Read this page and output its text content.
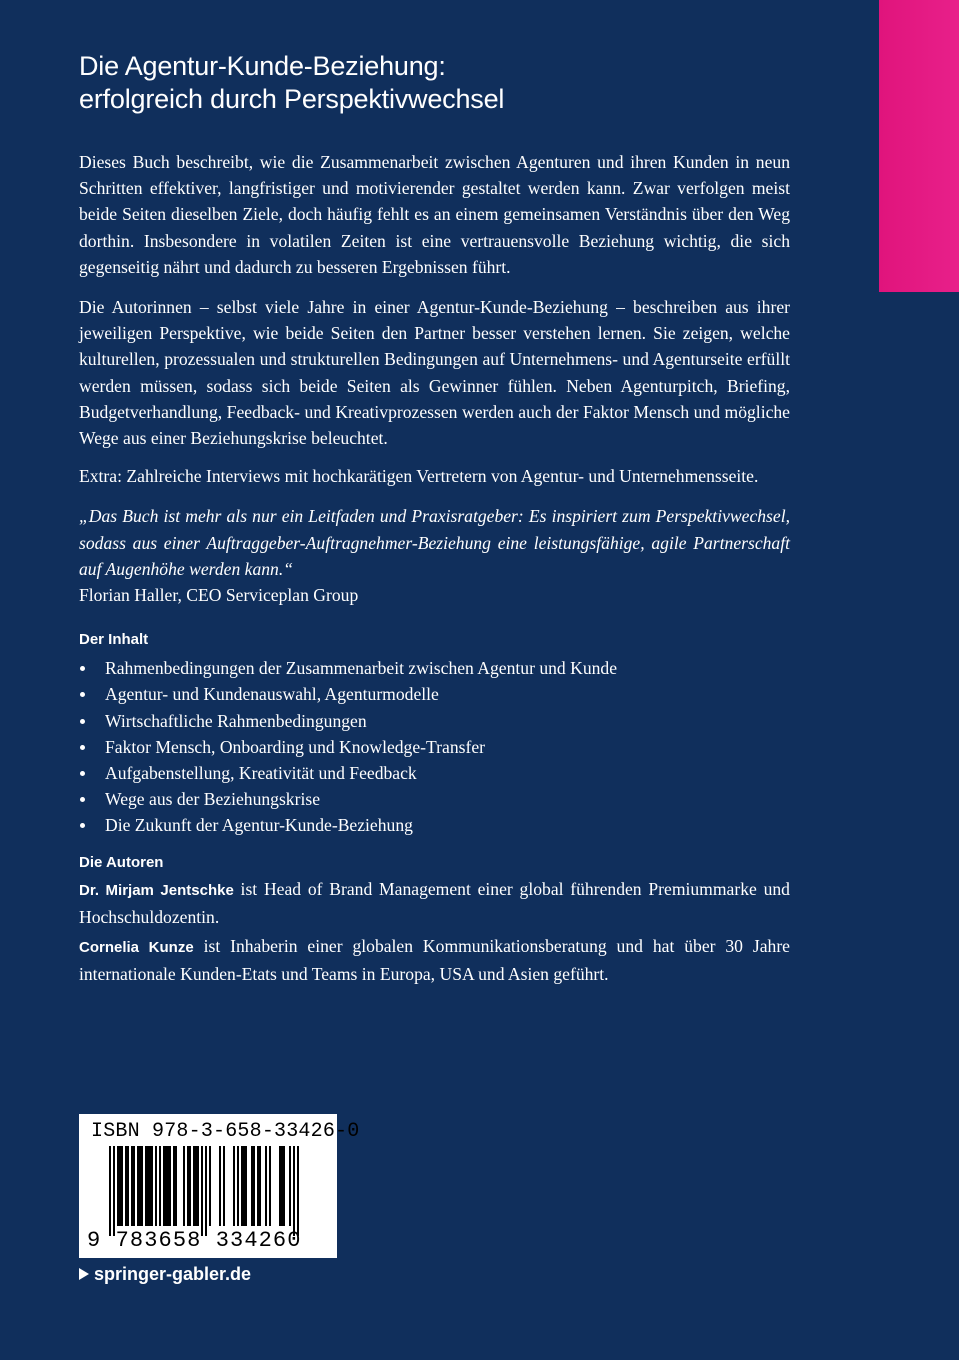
Die Agentur-Kunde-Beziehung:
erfolgreich durch Perspektivwechsel

Dieses Buch beschreibt, wie die Zusammenarbeit zwischen Agenturen und ihren Kunden in neun Schritten effektiver, langfristiger und motivierender gestaltet werden kann. Zwar verfolgen meist beide Seiten dieselben Ziele, doch häufig fehlt es an einem gemeinsamen Verständnis über den Weg dorthin. Insbesondere in volatilen Zeiten ist eine vertrauensvolle Beziehung wichtig, die sich gegenseitig nährt und dadurch zu besseren Ergebnissen führt.

Die Autorinnen – selbst viele Jahre in einer Agentur-Kunde-Beziehung – beschreiben aus ihrer jeweiligen Perspektive, wie beide Seiten den Partner besser verstehen lernen. Sie zeigen, welche kulturellen, prozessualen und strukturellen Bedingungen auf Unternehmens- und Agenturseite erfüllt werden müssen, sodass sich beide Seiten als Gewinner fühlen. Neben Agenturpitch, Briefing, Budgetverhandlung, Feedback- und Kreativprozessen werden auch der Faktor Mensch und mögliche Wege aus einer Beziehungskrise beleuchtet.

Extra: Zahlreiche Interviews mit hochkarätigen Vertretern von Agentur- und Unternehmensseite.

„Das Buch ist mehr als nur ein Leitfaden und Praxisratgeber: Es inspiriert zum Perspektivwechsel, sodass aus einer Auftraggeber-Auftragnehmer-Beziehung eine leistungsfähige, agile Partnerschaft auf Augenhöhe werden kann.“
Florian Haller, CEO Serviceplan Group
Der Inhalt
Rahmenbedingungen der Zusammenarbeit zwischen Agentur und Kunde
Agentur- und Kundenauswahl, Agenturmodelle
Wirtschaftliche Rahmenbedingungen
Faktor Mensch, Onboarding und Knowledge-Transfer
Aufgabenstellung, Kreativität und Feedback
Wege aus der Beziehungskrise
Die Zukunft der Agentur-Kunde-Beziehung
Die Autoren

Dr. Mirjam Jentschke ist Head of Brand Management einer global führenden Premiummarke und Hochschuldozentin.

Cornelia Kunze ist Inhaberin einer globalen Kommunikationsberatung und hat über 30 Jahre internationale Kunden-Etats und Teams in Europa, USA und Asien geführt.

ISBN 978-3-658-33426-0
9 783658 334260
springer-gabler.de
